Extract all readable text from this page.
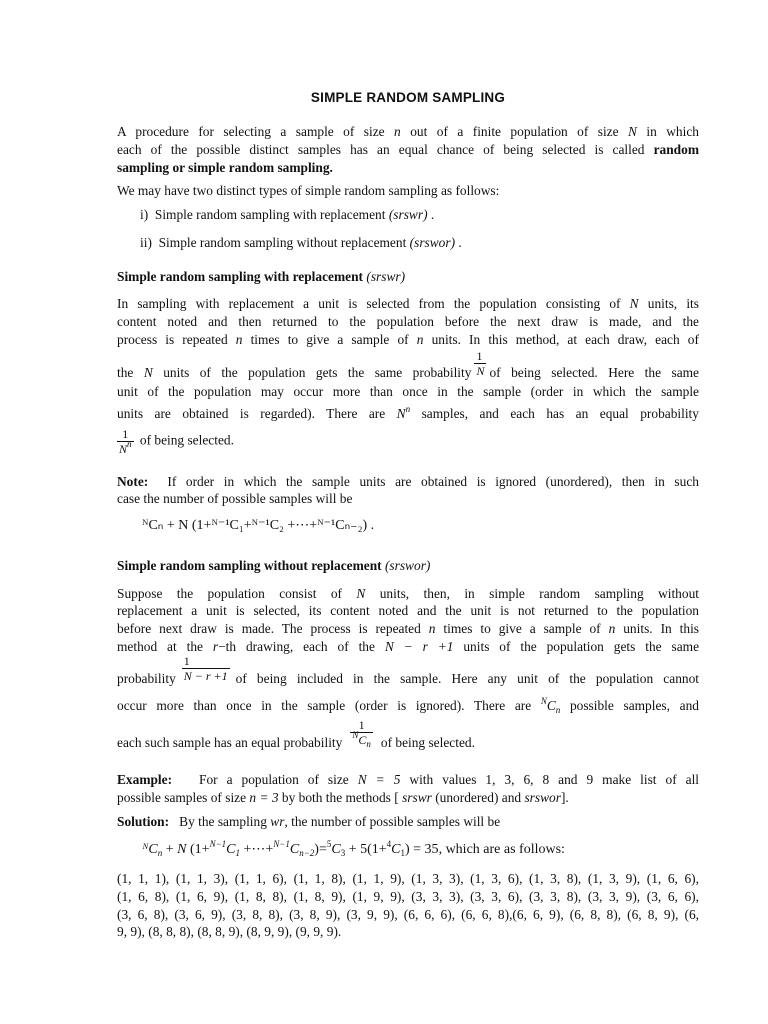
SIMPLE RANDOM SAMPLING
A procedure for selecting a sample of size n out of a finite population of size N in which
each of the possible distinct samples has an equal chance of being selected is called random
sampling or simple random sampling.
We may have two distinct types of simple random sampling as follows:
i) Simple random sampling with replacement (srswr) .
ii) Simple random sampling without replacement (srswor) .
Simple random sampling with replacement (srswr)
In sampling with replacement a unit is selected from the population consisting of N units, its
content noted and then returned to the population before the next draw is made, and the
process is repeated n times to give a sample of n units. In this method, at each draw, each of
the N units of the population gets the same probability $\frac{1}{N}$ of being selected. Here the same
unit of the population may occur more than once in the sample (order in which the sample
units are obtained is regarded). There are $N^n$ samples, and each has an equal probability
$\frac{1}{N^n}$ of being selected.
Note: If order in which the sample units are obtained is ignored (unordered), then in such
case the number of possible samples will be
ᴺCₙ + N (1+ᴺ⁻¹C₁+ᴺ⁻¹C₂ +⋯+ᴺ⁻¹Cₙ₋₂) .
Simple random sampling without replacement (srswor)
Suppose the population consist of N units, then, in simple random sampling without
replacement a unit is selected, its content noted and the unit is not returned to the population
before next draw is made. The process is repeated n times to give a sample of n units. In this
method at the r−th drawing, each of the N − r +1 units of the population gets the same
probability $\frac{1}{N - r +1}$ of being included in the sample. Here any unit of the population cannot
occur more than once in the sample (order is ignored). There are $^NC_n$ possible samples, and
each such sample has an equal probability $\frac{1}{^NC_n}$ of being selected.
Example: For a population of size N = 5 with values 1, 3, 6, 8 and 9 make list of all
possible samples of size n = 3 by both the methods [ srswr (unordered) and srswor].
Solution: By the sampling wr, the number of possible samples will be
ᴺC$_n$ + N ($1+^{N-1}C_1$ $+\cdots+^{N-1}C_{n-2})=^5C_3 + 5(1+^4C_1) = 35$, which are as follows:
(1, 1, 1), (1, 1, 3), (1, 1, 6), (1, 1, 8), (1, 1, 9), (1, 3, 3), (1, 3, 6), (1, 3, 8), (1, 3, 9), (1, 6, 6),
(1, 6, 8), (1, 6, 9), (1, 8, 8), (1, 8, 9), (1, 9, 9), (3, 3, 3), (3, 3, 6), (3, 3, 8), (3, 3, 9), (3, 6, 6),
(3, 6, 8), (3, 6, 9), (3, 8, 8), (3, 8, 9), (3, 9, 9), (6, 6, 6), (6, 6, 8),(6, 6, 9), (6, 8, 8), (6, 8, 9), (6,
9, 9), (8, 8, 8), (8, 8, 9), (8, 9, 9), (9, 9, 9).
